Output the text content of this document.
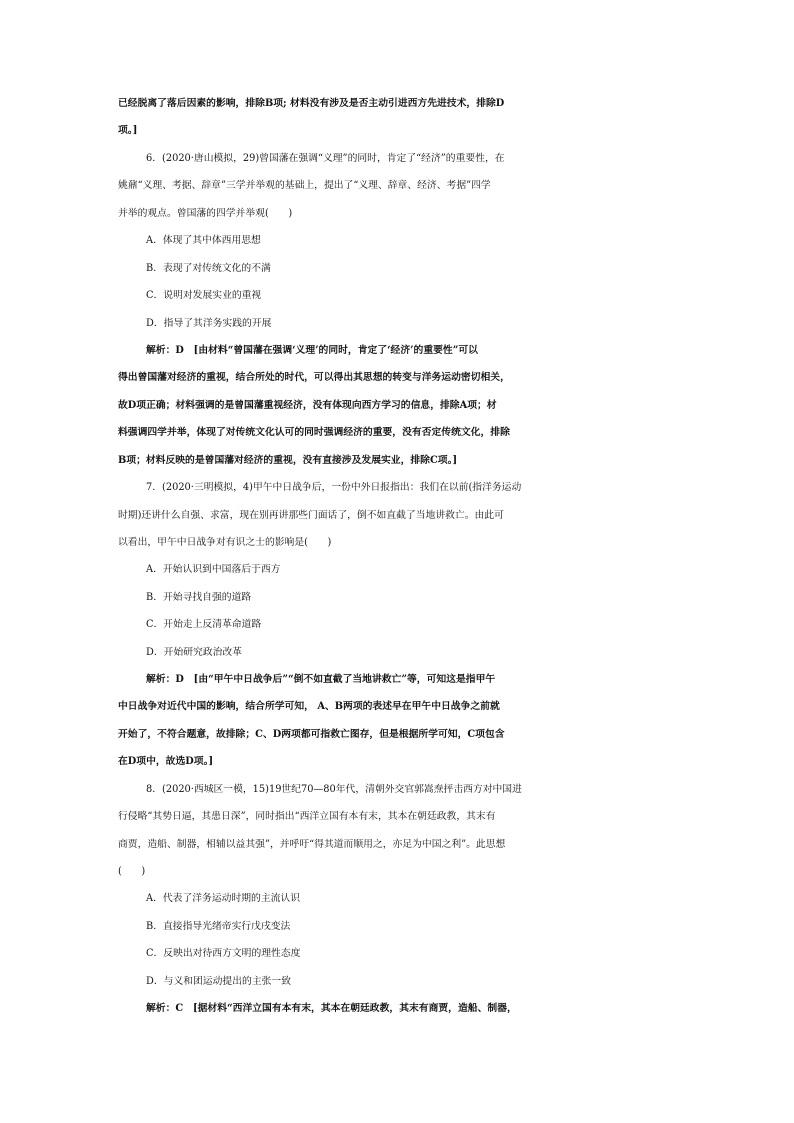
已经脱离了落后因素的影响，排除B项; 材料没有涉及是否主动引进西方先进技术，排除D
项。]
6．(2020·唐山模拟，29)曾国藩在强调“义理”的同时，肯定了“经济”的重要性，在
姚鼐“义理、考据、辞章”三学并举观的基础上，提出了“义理、辞章、经济、考据”四学
并举的观点。曾国藩的四学并举观(　　)
A．体现了其中体西用思想
B．表现了对传统文化的不满
C．说明对发展实业的重视
D．指导了其洋务实践的开展
解析：D　[由材料“曾国藩在强调‘义理’的同时，肯定了‘经济’的重要性”可以
得出曾国藩对经济的重视，结合所处的时代，可以得出其思想的转变与洋务运动密切相关，
故D项正确；材料强调的是曾国藩重视经济，没有体现向西方学习的信息，排除A项；材
料强调四学并举，体现了对传统文化认可的同时强调经济的重要，没有否定传统文化，排除
B项；材料反映的是曾国藩对经济的重视，没有直接涉及发展实业，排除C项。]
7．(2020·三明模拟，4)甲午中日战争后，一份中外日报指出：我们在以前(指洋务运动
时期)还讲什么自强、求富，现在别再讲那些门面话了，倒不如直截了当地讲救亡。由此可
以看出，甲午中日战争对有识之士的影响是(　　)
A．开始认识到中国落后于西方
B．开始寻找自强的道路
C．开始走上反清革命道路
D．开始研究政治改革
解析：D　[由“甲午中日战争后”“倒不如直截了当地讲救亡”等，可知这是指甲午
中日战争对近代中国的影响，结合所学可知， A、B两项的表述早在甲午中日战争之前就
开始了，不符合题意，故排除；C、D两项都可指救亡图存，但是根据所学可知，C项包含
在D项中，故选D项。]
8．(2020·西城区一模，15)19世纪70—80年代，清朝外交官郭嵩焘抨击西方对中国进
行侵略“其势日逼，其患日深”，同时指出“西洋立国有本有末，其本在朝廷政教，其末有
商贾，造船、制器，相辅以益其强”，并呼吁“得其道而顺用之，亦足为中国之利”。此思想
(　　)
A．代表了洋务运动时期的主流认识
B．直接指导光绪帝实行戊戌变法
C．反映出对待西方文明的理性态度
D．与义和团运动提出的主张一致
解析：C　[据材料“西洋立国有本有末，其本在朝廷政教，其末有商贾，造船、制器，
